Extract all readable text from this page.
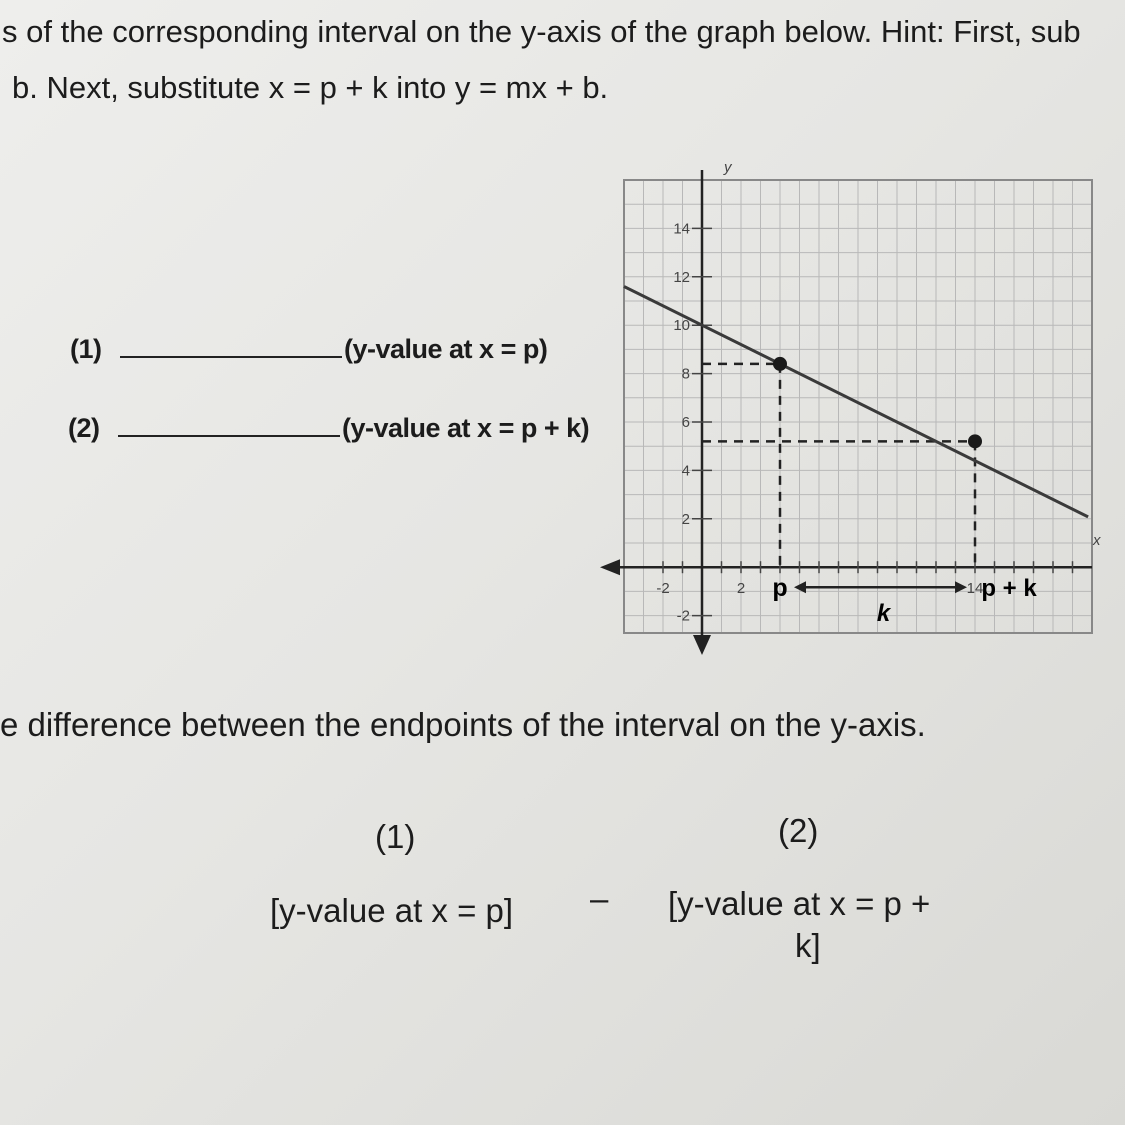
s of the corresponding interval on the y-axis of the graph below. Hint: First, sub
b. Next, substitute x = p + k into y = mx + b.
(1)	(y-value at x = p)
(2)	(y-value at x = p + k)
y
x
14
12
10
8
6
4
2
-2
-2	2	14
p	p + k
k
e difference between the endpoints of the interval on the y-axis.
(1)	(2)
[y-value at x = p] – [y-value at x = p +
k]
